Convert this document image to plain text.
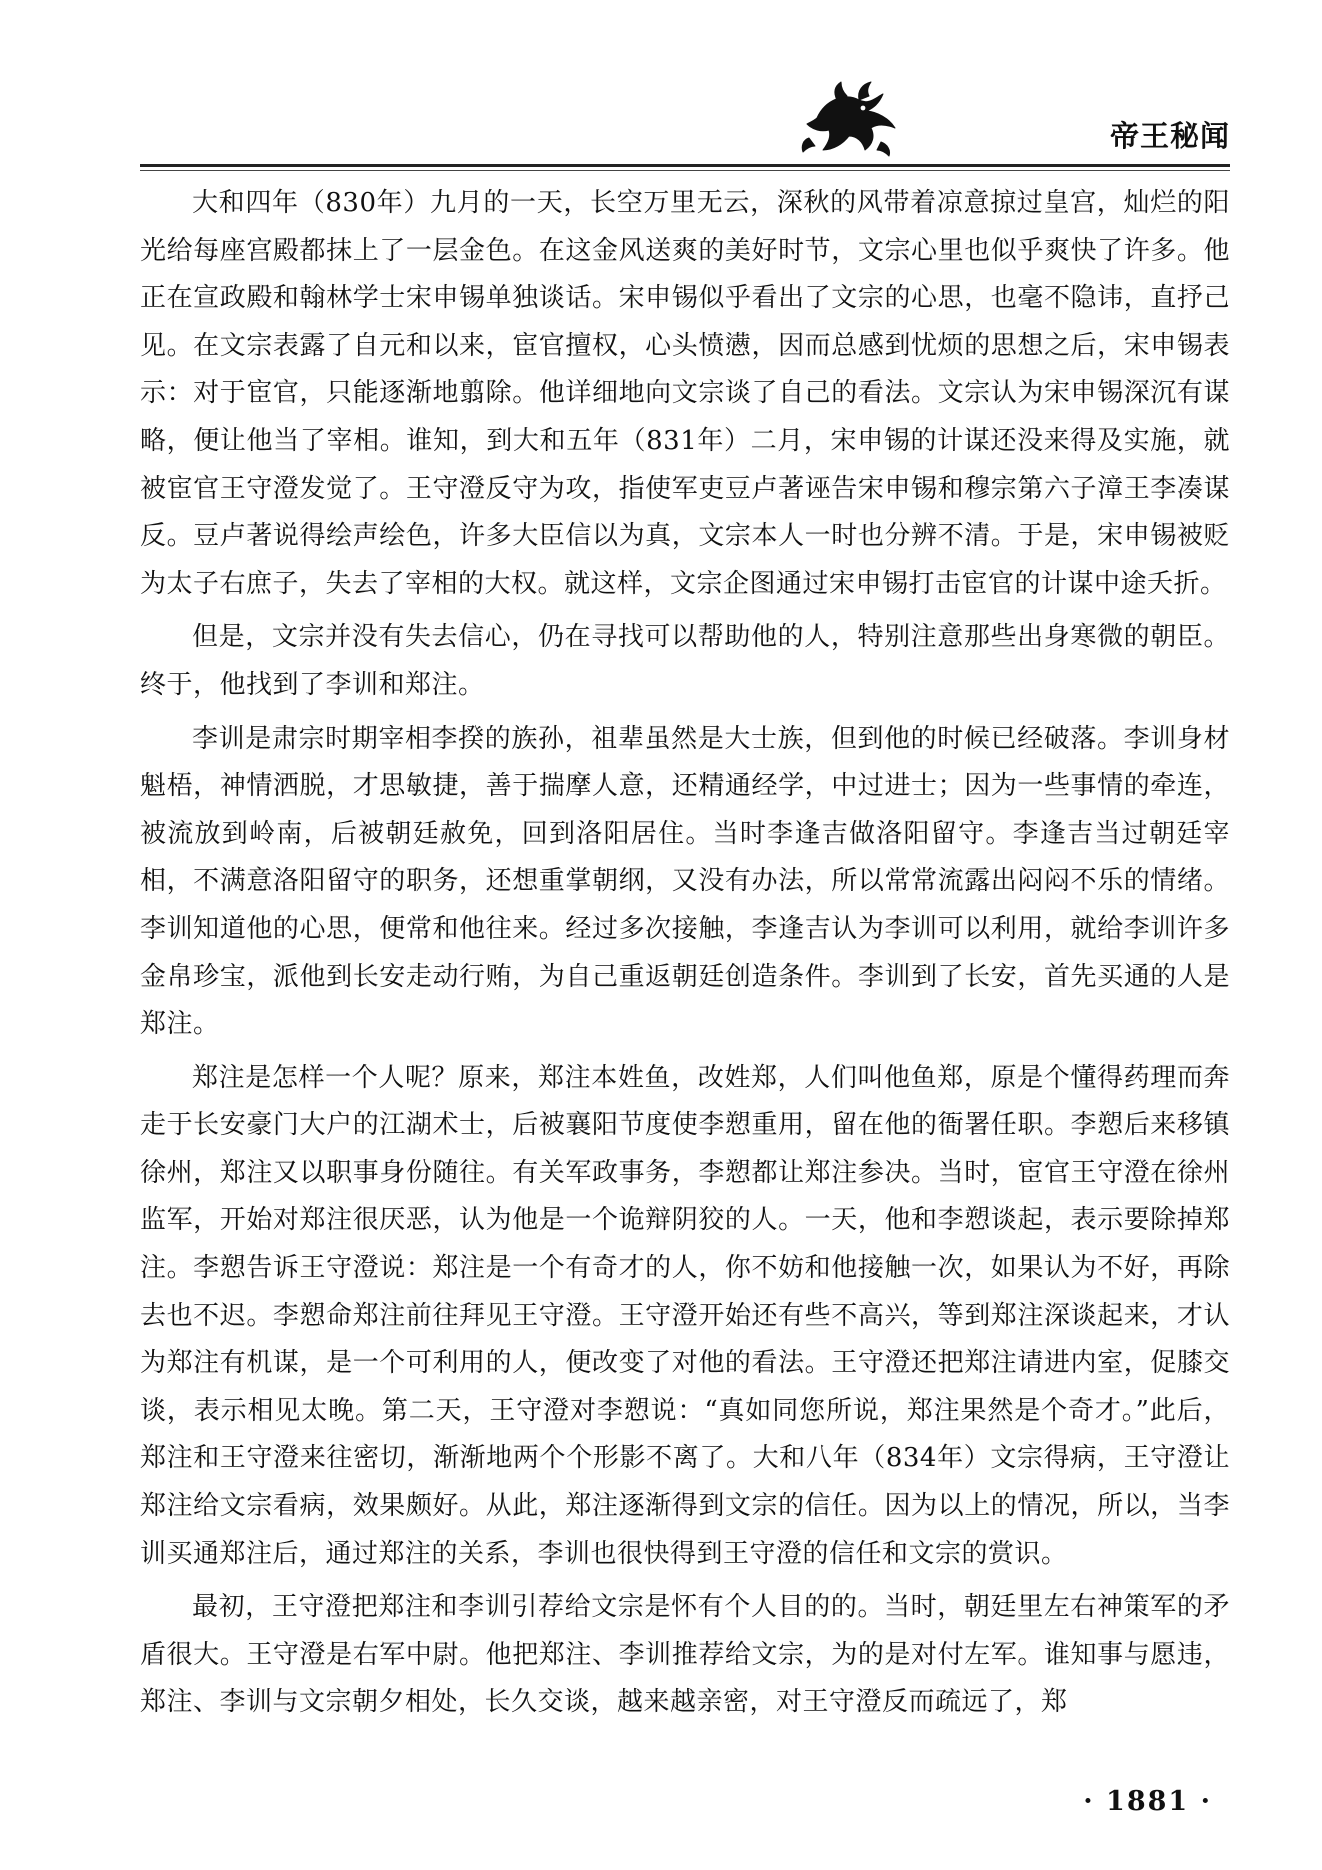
帝王秘闻

大和四年（830年）九月的一天，长空万里无云，深秋的风带着凉意掠过皇宫，灿烂的阳光给每座宫殿都抹上了一层金色。在这金风送爽的美好时节，文宗心里也似乎爽快了许多。他正在宣政殿和翰林学士宋申锡单独谈话。宋申锡似乎看出了文宗的心思，也毫不隐讳，直抒己见。在文宗表露了自元和以来，宦官擅权，心头愤懑，因而总感到忧烦的思想之后，宋申锡表示：对于宦官，只能逐渐地翦除。他详细地向文宗谈了自己的看法。文宗认为宋申锡深沉有谋略，便让他当了宰相。谁知，到大和五年（831年）二月，宋申锡的计谋还没来得及实施，就被宦官王守澄发觉了。王守澄反守为攻，指使军吏豆卢著诬告宋申锡和穆宗第六子漳王李凑谋反。豆卢著说得绘声绘色，许多大臣信以为真，文宗本人一时也分辨不清。于是，宋申锡被贬为太子右庶子，失去了宰相的大权。就这样，文宗企图通过宋申锡打击宦官的计谋中途夭折。

但是，文宗并没有失去信心，仍在寻找可以帮助他的人，特别注意那些出身寒微的朝臣。终于，他找到了李训和郑注。

李训是肃宗时期宰相李揆的族孙，祖辈虽然是大士族，但到他的时候已经破落。李训身材魁梧，神情洒脱，才思敏捷，善于揣摩人意，还精通经学，中过进士；因为一些事情的牵连，被流放到岭南，后被朝廷赦免，回到洛阳居住。当时李逢吉做洛阳留守。李逢吉当过朝廷宰相，不满意洛阳留守的职务，还想重掌朝纲，又没有办法，所以常常流露出闷闷不乐的情绪。李训知道他的心思，便常和他往来。经过多次接触，李逢吉认为李训可以利用，就给李训许多金帛珍宝，派他到长安走动行贿，为自己重返朝廷创造条件。李训到了长安，首先买通的人是郑注。

郑注是怎样一个人呢？原来，郑注本姓鱼，改姓郑，人们叫他鱼郑，原是个懂得药理而奔走于长安豪门大户的江湖术士，后被襄阳节度使李愬重用，留在他的衙署任职。李愬后来移镇徐州，郑注又以职事身份随往。有关军政事务，李愬都让郑注参决。当时，宦官王守澄在徐州监军，开始对郑注很厌恶，认为他是一个诡辩阴狡的人。一天，他和李愬谈起，表示要除掉郑注。李愬告诉王守澄说：郑注是一个有奇才的人，你不妨和他接触一次，如果认为不好，再除去也不迟。李愬命郑注前往拜见王守澄。王守澄开始还有些不高兴，等到郑注深谈起来，才认为郑注有机谋，是一个可利用的人，便改变了对他的看法。王守澄还把郑注请进内室，促膝交谈，表示相见太晚。第二天，王守澄对李愬说：“真如同您所说，郑注果然是个奇才。”此后，郑注和王守澄来往密切，渐渐地两个个形影不离了。大和八年（834年）文宗得病，王守澄让郑注给文宗看病，效果颇好。从此，郑注逐渐得到文宗的信任。因为以上的情况，所以，当李训买通郑注后，通过郑注的关系，李训也很快得到王守澄的信任和文宗的赏识。

最初，王守澄把郑注和李训引荐给文宗是怀有个人目的的。当时，朝廷里左右神策军的矛盾很大。王守澄是右军中尉。他把郑注、李训推荐给文宗，为的是对付左军。谁知事与愿违，郑注、李训与文宗朝夕相处，长久交谈，越来越亲密，对王守澄反而疏远了，郑

· 1881 ·
